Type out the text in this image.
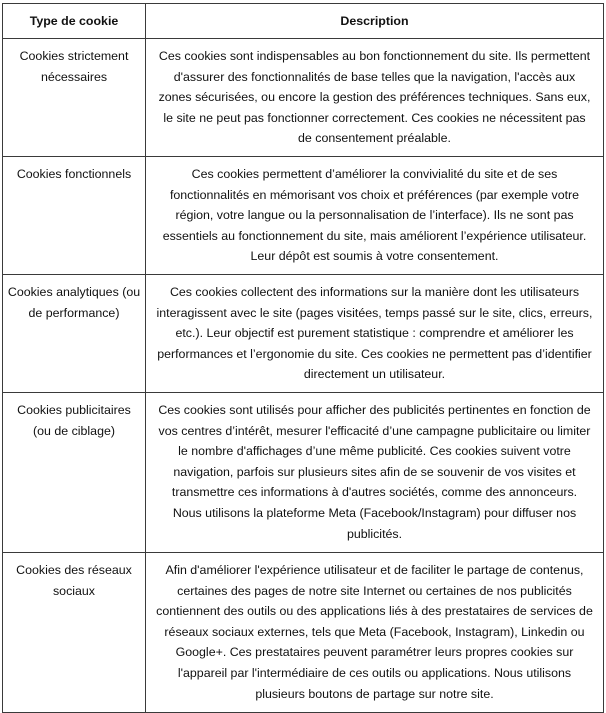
Type de cookie	Description
Cookies strictement nécessaires	Ces cookies sont indispensables au bon fonctionnement du site. Ils permettent d'assurer des fonctionnalités de base telles que la navigation, l'accès aux zones sécurisées, ou encore la gestion des préférences techniques. Sans eux, le site ne peut pas fonctionner correctement. Ces cookies ne nécessitent pas de consentement préalable.
Cookies fonctionnels	Ces cookies permettent d’améliorer la convivialité du site et de ses fonctionnalités en mémorisant vos choix et préférences (par exemple votre région, votre langue ou la personnalisation de l’interface). Ils ne sont pas essentiels au fonctionnement du site, mais améliorent l’expérience utilisateur. Leur dépôt est soumis à votre consentement.
Cookies analytiques (ou de performance)	Ces cookies collectent des informations sur la manière dont les utilisateurs interagissent avec le site (pages visitées, temps passé sur le site, clics, erreurs, etc.). Leur objectif est purement statistique : comprendre et améliorer les performances et l’ergonomie du site. Ces cookies ne permettent pas d’identifier directement un utilisateur.
Cookies publicitaires (ou de ciblage)	Ces cookies sont utilisés pour afficher des publicités pertinentes en fonction de vos centres d’intérêt, mesurer l'efficacité d’une campagne publicitaire ou limiter le nombre d'affichages d’une même publicité. Ces cookies suivent votre navigation, parfois sur plusieurs sites afin de se souvenir de vos visites et transmettre ces informations à d'autres sociétés, comme des annonceurs. Nous utilisons la plateforme Meta (Facebook/Instagram) pour diffuser nos publicités.
Cookies des réseaux sociaux	Afin d'améliorer l'expérience utilisateur et de faciliter le partage de contenus, certaines des pages de notre site Internet ou certaines de nos publicités contiennent des outils ou des applications liés à des prestataires de services de réseaux sociaux externes, tels que Meta (Facebook, Instagram), Linkedin ou Google+. Ces prestataires peuvent paramétrer leurs propres cookies sur l'appareil par l'intermédiaire de ces outils ou applications. Nous utilisons plusieurs boutons de partage sur notre site.
